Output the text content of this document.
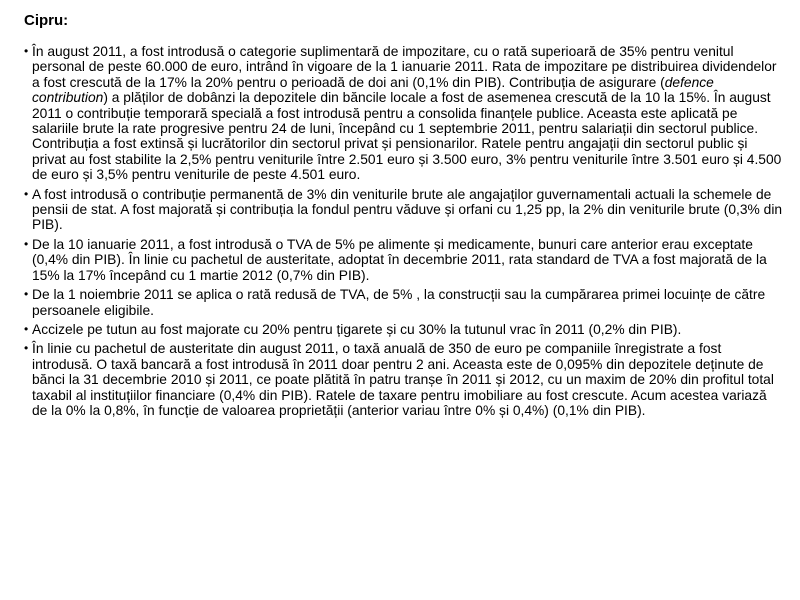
Cipru:
• În august 2011, a fost introdusă o categorie suplimentară de impozitare, cu o rată superioară de 35% pentru venitul personal de peste 60.000 de euro, intrând în vigoare de la 1 ianuarie 2011. Rata de impozitare pe distribuirea dividendelor a fost crescută de la 17% la 20% pentru o perioadă de doi ani (0,1% din PIB). Contribuția de asigurare (defence contribution) a plăților de dobânzi la depozitele din băncile locale a fost de asemenea crescută de la 10 la 15%. În august 2011 o contribuție temporară specială a fost introdusă pentru a consolida finanțele publice. Aceasta este aplicată pe salariile brute la rate progresive pentru 24 de luni, începând cu 1 septembrie 2011, pentru salariații din sectorul publice. Contribuția a fost extinsă și lucrătorilor din sectorul privat și pensionarilor. Ratele pentru angajații din sectorul public și privat au fost stabilite la 2,5% pentru veniturile între 2.501 euro și 3.500 euro, 3% pentru veniturile între 3.501 euro și 4.500 de euro și 3,5% pentru veniturile de peste 4.501 euro.
• A fost introdusă o contribuție permanentă de 3% din veniturile brute ale angajaților guvernamentali actuali la schemele de pensii de stat. A fost majorată și contribuția la fondul pentru văduve și orfani cu 1,25 pp, la 2% din veniturile brute (0,3% din PIB).
• De la 10 ianuarie 2011, a fost introdusă o TVA de 5% pe alimente și medicamente, bunuri care anterior erau exceptate (0,4% din PIB). În linie cu pachetul de austeritate, adoptat în decembrie 2011, rata standard de TVA a fost majorată de la 15% la 17% începând cu 1 martie 2012 (0,7% din PIB).
• De la 1 noiembrie 2011 se aplica o rată redusă de TVA, de 5% , la construcții sau la cumpărarea primei locuințe de către persoanele eligibile.
• Accizele pe tutun au fost majorate cu 20% pentru țigarete și cu 30% la tutunul vrac în 2011 (0,2% din PIB).
• În linie cu pachetul de austeritate din august 2011, o taxă anuală de 350 de euro pe companiile înregistrate a fost introdusă. O taxă bancară a fost introdusă în 2011 doar pentru 2 ani. Aceasta este de 0,095% din depozitele deținute de bănci la 31 decembrie 2010 și 2011, ce poate plătită în patru tranșe în 2011 și 2012, cu un maxim de 20% din profitul total taxabil al instituțiilor financiare (0,4% din PIB). Ratele de taxare pentru imobiliare au fost crescute. Acum acestea variază de la 0% la 0,8%, în funcție de valoarea proprietății (anterior variau între 0% și 0,4%) (0,1% din PIB).
